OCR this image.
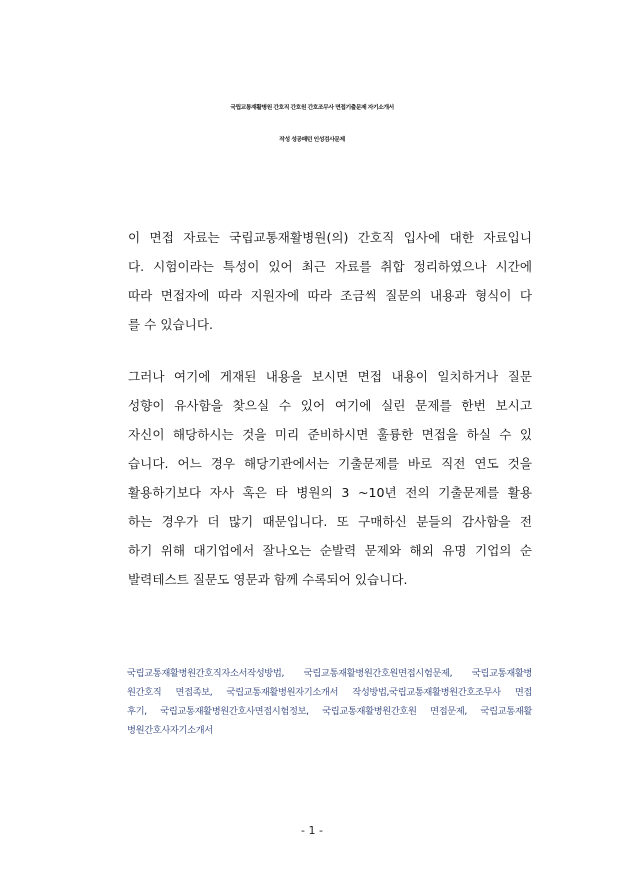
국립교통재활병원 간호직 간호원 간호조무사 면접기출문제 자기소개서
작성 성공패턴 인성검사문제
이 면접 자료는 국립교통재활병원(의) 간호직 입사에 대한 자료입니
다. 시험이라는 특성이 있어 최근 자료를 취합 정리하였으나 시간에
따라 면접자에 따라 지원자에 따라 조금씩 질문의 내용과 형식이 다
를 수 있습니다.
그러나 여기에 게재된 내용을 보시면 면접 내용이 일치하거나 질문
성향이 유사함을 찾으실 수 있어 여기에 실린 문제를 한번 보시고
자신이 해당하시는 것을 미리 준비하시면 훌륭한 면접을 하실 수 있
습니다. 어느 경우 해당기관에서는 기출문제를 바로 직전 연도 것을
활용하기보다 자사 혹은 타 병원의 3 ~10년 전의 기출문제를 활용
하는 경우가 더 많기 때문입니다. 또 구매하신 분들의 감사함을 전
하기 위해 대기업에서 잘나오는 순발력 문제와 해외 유명 기업의 순
발력테스트 질문도 영문과 함께 수록되어 있습니다.
국립교통재활병원간호직자소서작성방법, 국립교통재활병원간호원면접시험문제, 국립교통재활병
원간호직 면접족보, 국립교통재활병원자기소개서 작성방법,국립교통재활병원간호조무사 면접
후기, 국립교통재활병원간호사면접시험정보, 국립교통재활병원간호원 면접문제, 국립교통재활
병원간호사자기소개서
- 1 -
